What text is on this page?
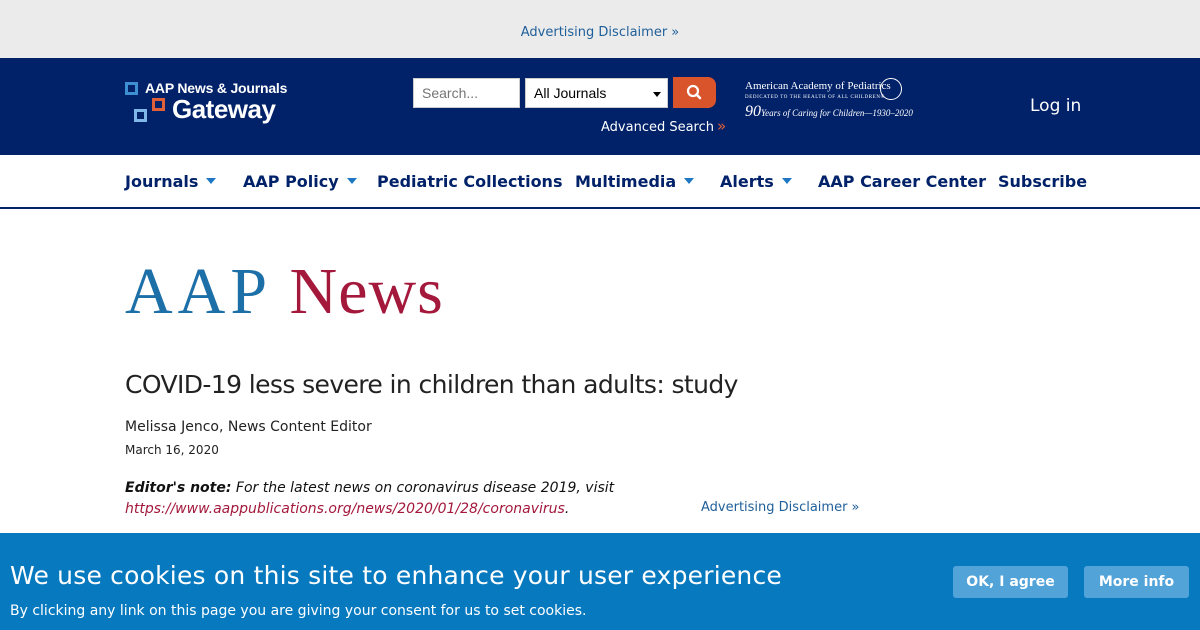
Advertising Disclaimer »
AAP News & Journals
Gateway
Search...
All Journals
Advanced Search »
American Academy of Pediatrics
DEDICATED TO THE HEALTH OF ALL CHILDREN®
90Years of Caring for Children—1930–2020	Log in
Journals	AAP Policy	Pediatric Collections Multimedia	Alerts	AAP Career Center Subscribe
AAP News
COVID-19 less severe in children than adults: study
Melissa Jenco, News Content Editor
March 16, 2020
Editor's note: For the latest news on coronavirus disease 2019, visit
https://www.aappublications.org/news/2020/01/28/coronavirus.	Advertising Disclaimer »
We use cookies on this site to enhance your user experience
By clicking any link on this page you are giving your consent for us to set cookies.
OK, I agree	More info
